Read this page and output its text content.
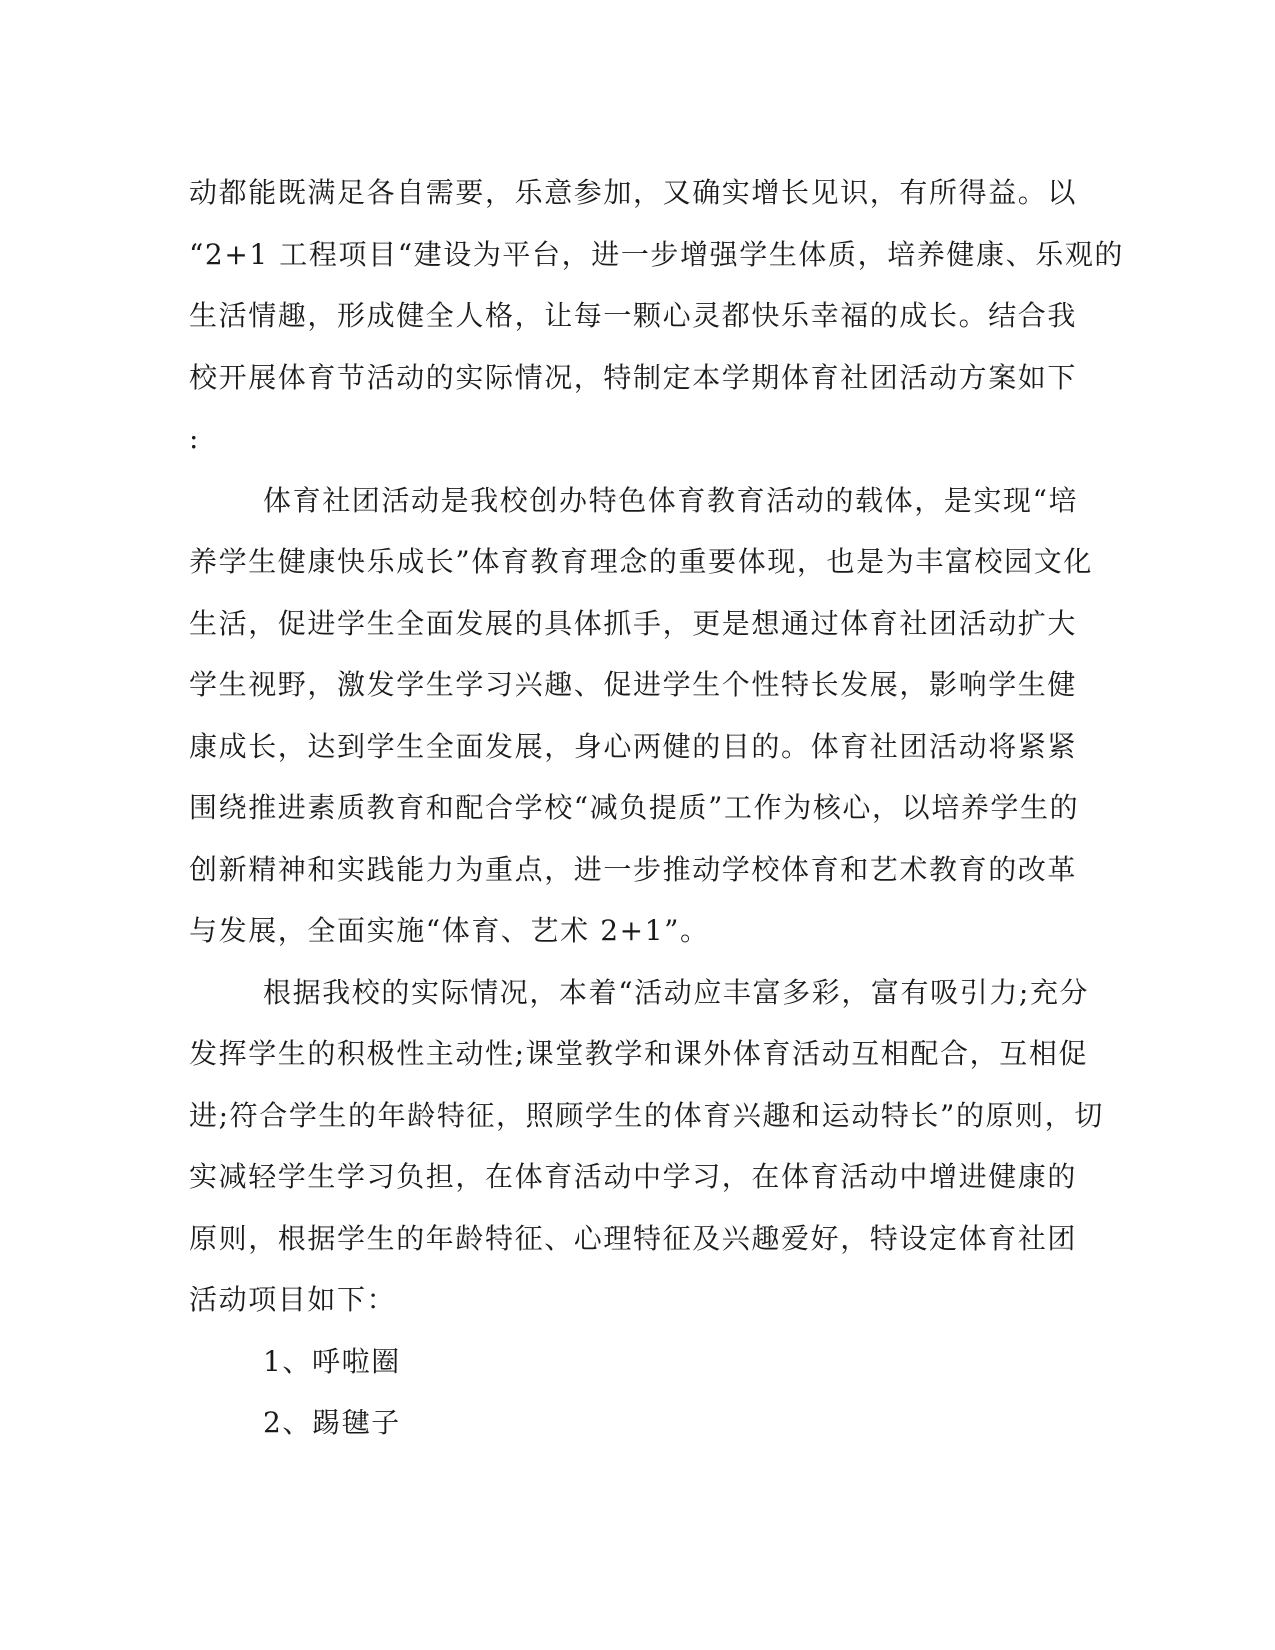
动都能既满足各自需要，乐意参加，又确实增长见识，有所得益。以
“2+1 工程项目“建设为平台，进一步增强学生体质，培养健康、乐观的
生活情趣，形成健全人格，让每一颗心灵都快乐幸福的成长。结合我
校开展体育节活动的实际情况，特制定本学期体育社团活动方案如下
:
体育社团活动是我校创办特色体育教育活动的载体，是实现“培
养学生健康快乐成长”体育教育理念的重要体现，也是为丰富校园文化
生活，促进学生全面发展的具体抓手，更是想通过体育社团活动扩大
学生视野，激发学生学习兴趣、促进学生个性特长发展，影响学生健
康成长，达到学生全面发展，身心两健的目的。体育社团活动将紧紧
围绕推进素质教育和配合学校“减负提质”工作为核心，以培养学生的
创新精神和实践能力为重点，进一步推动学校体育和艺术教育的改革
与发展，全面实施“体育、艺术 2+1”。
根据我校的实际情况，本着“活动应丰富多彩，富有吸引力;充分
发挥学生的积极性主动性;课堂教学和课外体育活动互相配合，互相促
进;符合学生的年龄特征，照顾学生的体育兴趣和运动特长”的原则，切
实减轻学生学习负担，在体育活动中学习，在体育活动中增进健康的
原则，根据学生的年龄特征、心理特征及兴趣爱好，特设定体育社团
活动项目如下：
1、呼啦圈
2、踢毽子
